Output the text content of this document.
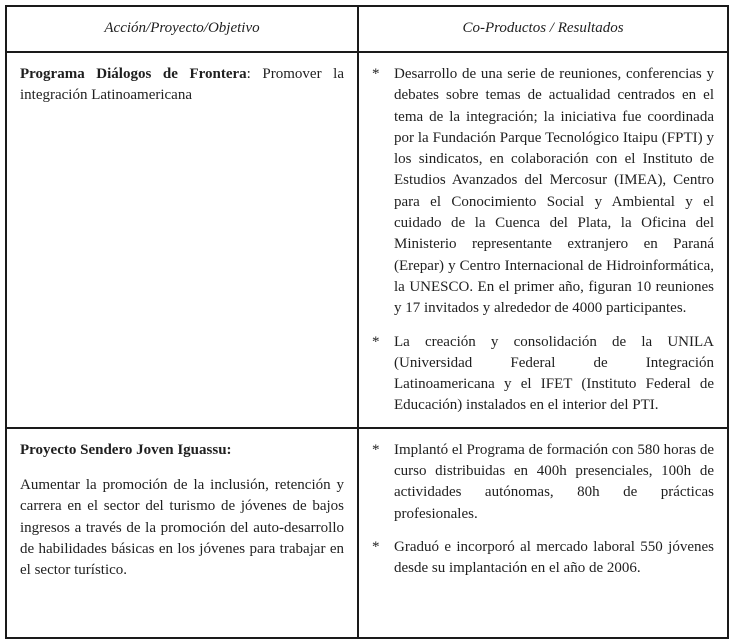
Acción/Proyecto/Objetivo	Co-Productos / Resultados

Programa Diálogos de Frontera: Promover la integración Latinoamericana

* Desarrollo de una serie de reuniones, conferencias y debates sobre temas de actualidad centrados en el tema de la integración; la iniciativa fue coordinada por la Fundación Parque Tecnológico Itaipu (FPTI) y los sindicatos, en colaboración con el Instituto de Estudios Avanzados del Mercosur (IMEA), Centro para el Conocimiento Social y Ambiental y el cuidado de la Cuenca del Plata, la Oficina del Ministerio representante extranjero en Paraná (Erepar) y Centro Internacional de Hidroinformática, la UNESCO. En el primer año, figuran 10 reuniones y 17 invitados y alrededor de 4000 participantes.
* La creación y consolidación de la UNILA (Universidad Federal de Integración Latinoamericana y el IFET (Instituto Federal de Educación) instalados en el interior del PTI.

Proyecto Sendero Joven Iguassu:

Aumentar la promoción de la inclusión, retención y carrera en el sector del turismo de jóvenes de bajos ingresos a través de la promoción del auto-desarrollo de habilidades básicas en los jóvenes para trabajar en el sector turístico.

* Implantó el Programa de formación con 580 horas de curso distribuidas en 400h presenciales, 100h de actividades autónomas, 80h de prácticas profesionales.
* Graduó e incorporó al mercado laboral 550 jóvenes desde su implantación en el año de 2006.
